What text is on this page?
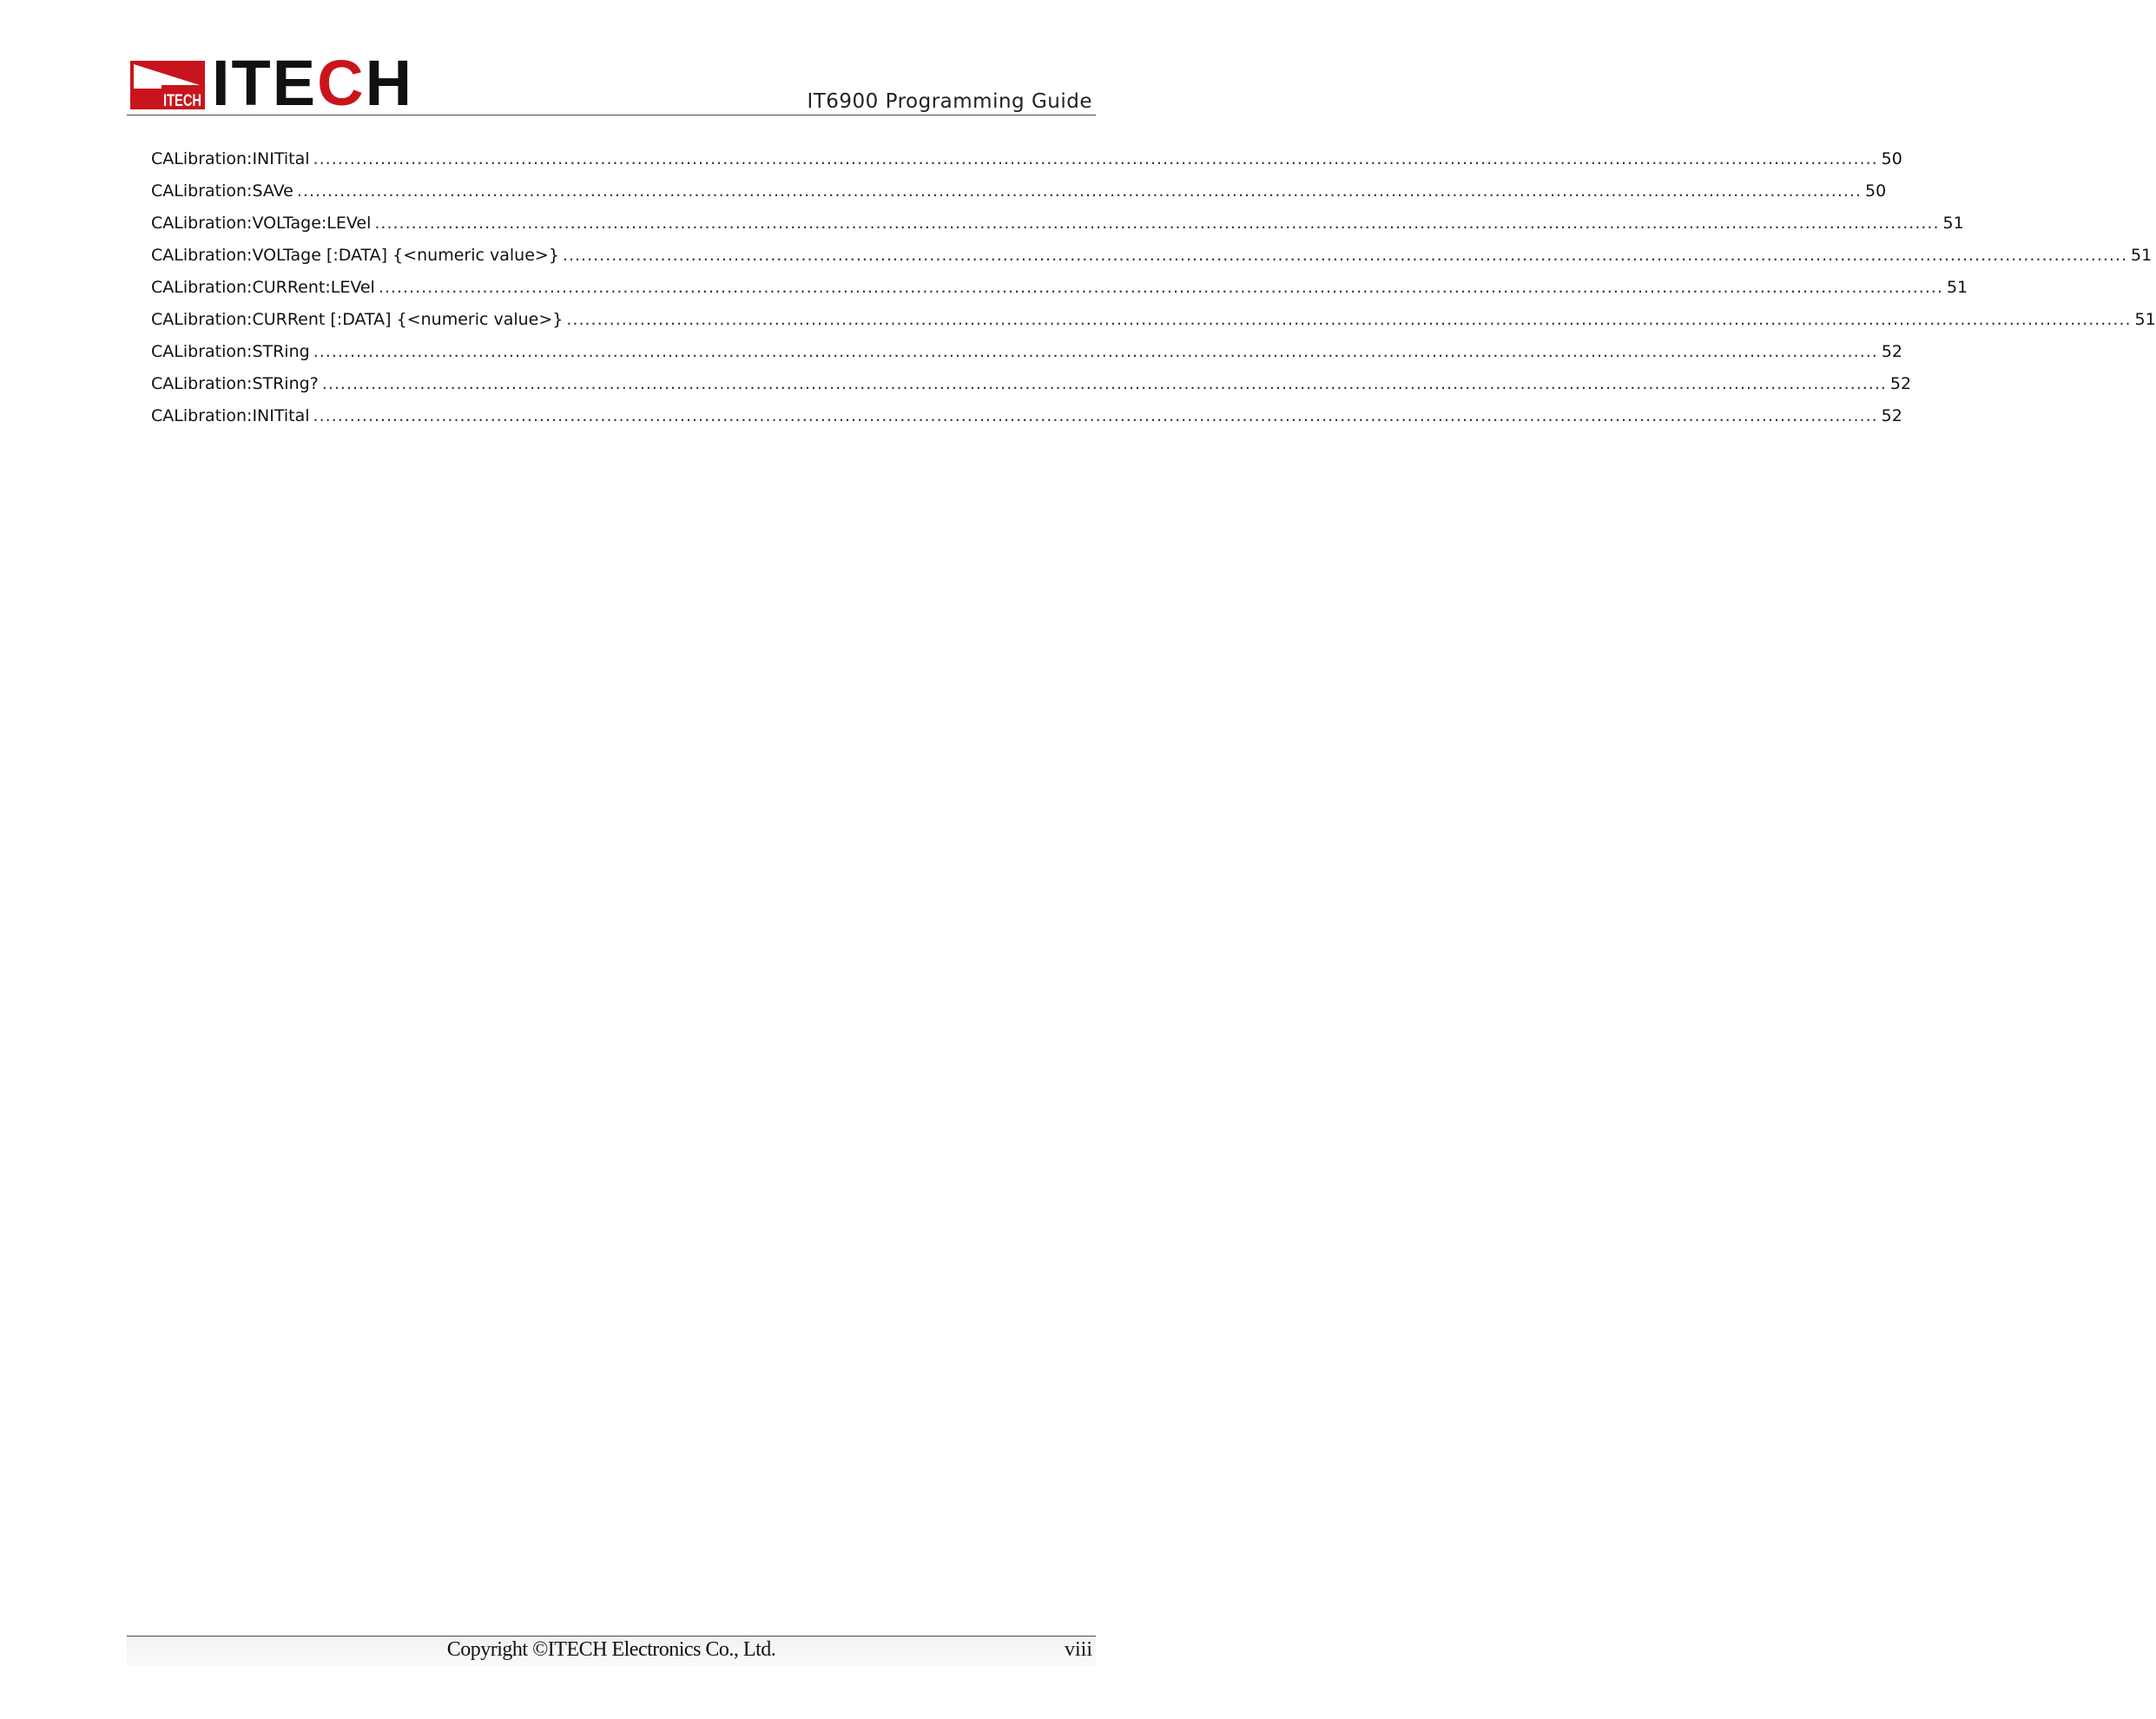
ITECH ITECH	IT6900 Programming Guide
CALibration:INITital .....	50
CALibration:SAVe .....	50
CALibration:VOLTage:LEVel .....	51
CALibration:VOLTage [:DATA] {<numeric value>} .....	51
CALibration:CURRent:LEVel .....	51
CALibration:CURRent [:DATA] {<numeric value>} .....	51
CALibration:STRing .....	52
CALibration:STRing? .....	52
CALibration:INITital .....	52
Copyright ©ITECH Electronics Co., Ltd.	viii
